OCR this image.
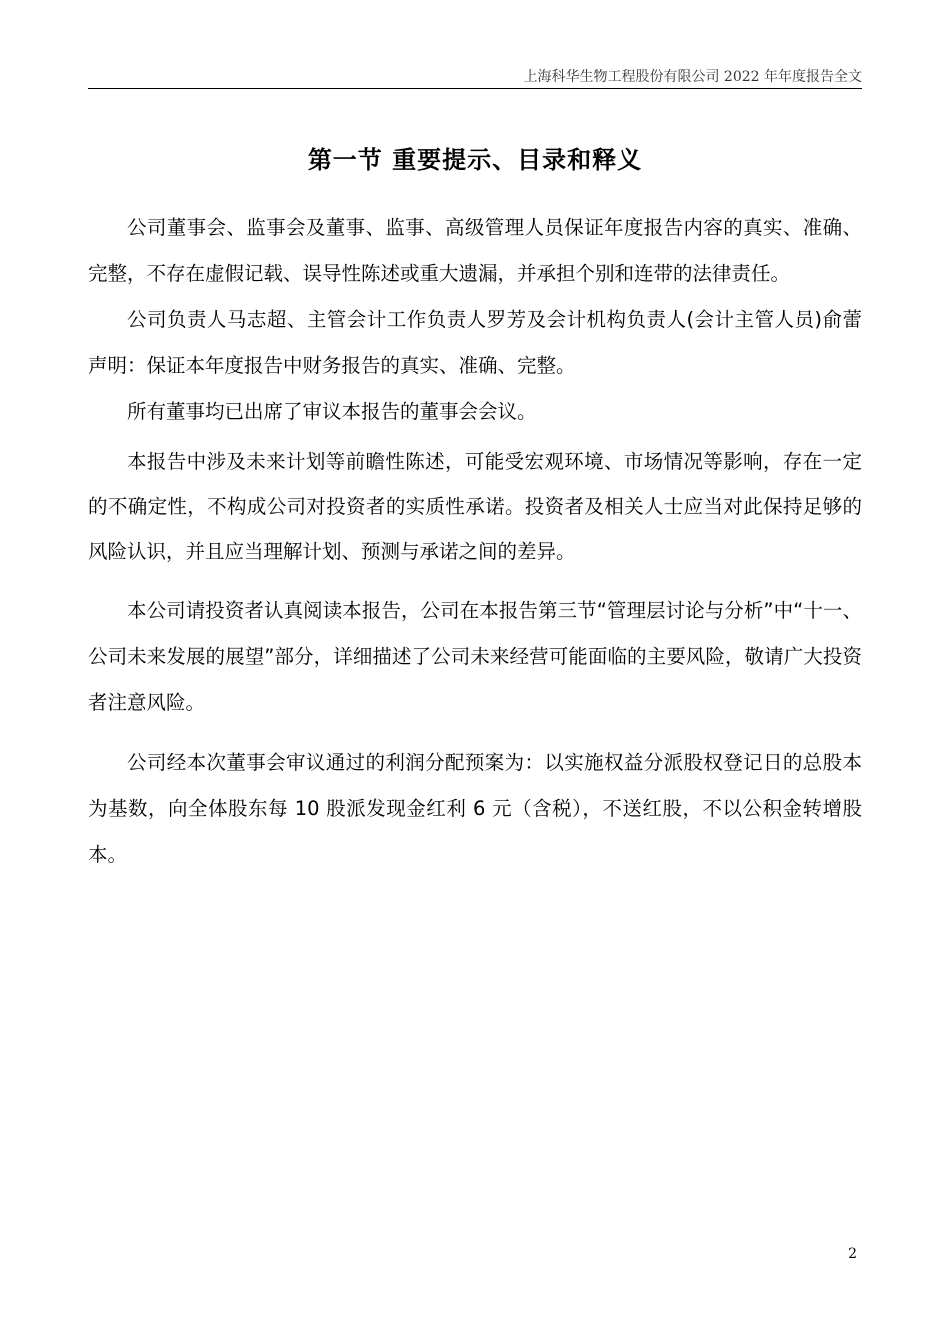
上海科华生物工程股份有限公司 2022 年年度报告全文
第一节 重要提示、目录和释义

公司董事会、监事会及董事、监事、高级管理人员保证年度报告内容的真实、准确、完整，不存在虚假记载、误导性陈述或重大遗漏，并承担个别和连带的法律责任。

公司负责人马志超、主管会计工作负责人罗芳及会计机构负责人(会计主管人员)俞蕾声明：保证本年度报告中财务报告的真实、准确、完整。

所有董事均已出席了审议本报告的董事会会议。

本报告中涉及未来计划等前瞻性陈述，可能受宏观环境、市场情况等影响，存在一定的不确定性，不构成公司对投资者的实质性承诺。投资者及相关人士应当对此保持足够的风险认识，并且应当理解计划、预测与承诺之间的差异。

本公司请投资者认真阅读本报告，公司在本报告第三节“管理层讨论与分析”中“十一、公司未来发展的展望”部分，详细描述了公司未来经营可能面临的主要风险，敬请广大投资者注意风险。

公司经本次董事会审议通过的利润分配预案为：以实施权益分派股权登记日的总股本为基数，向全体股东每 10 股派发现金红利 6 元（含税），不送红股，不以公积金转增股本。

2
